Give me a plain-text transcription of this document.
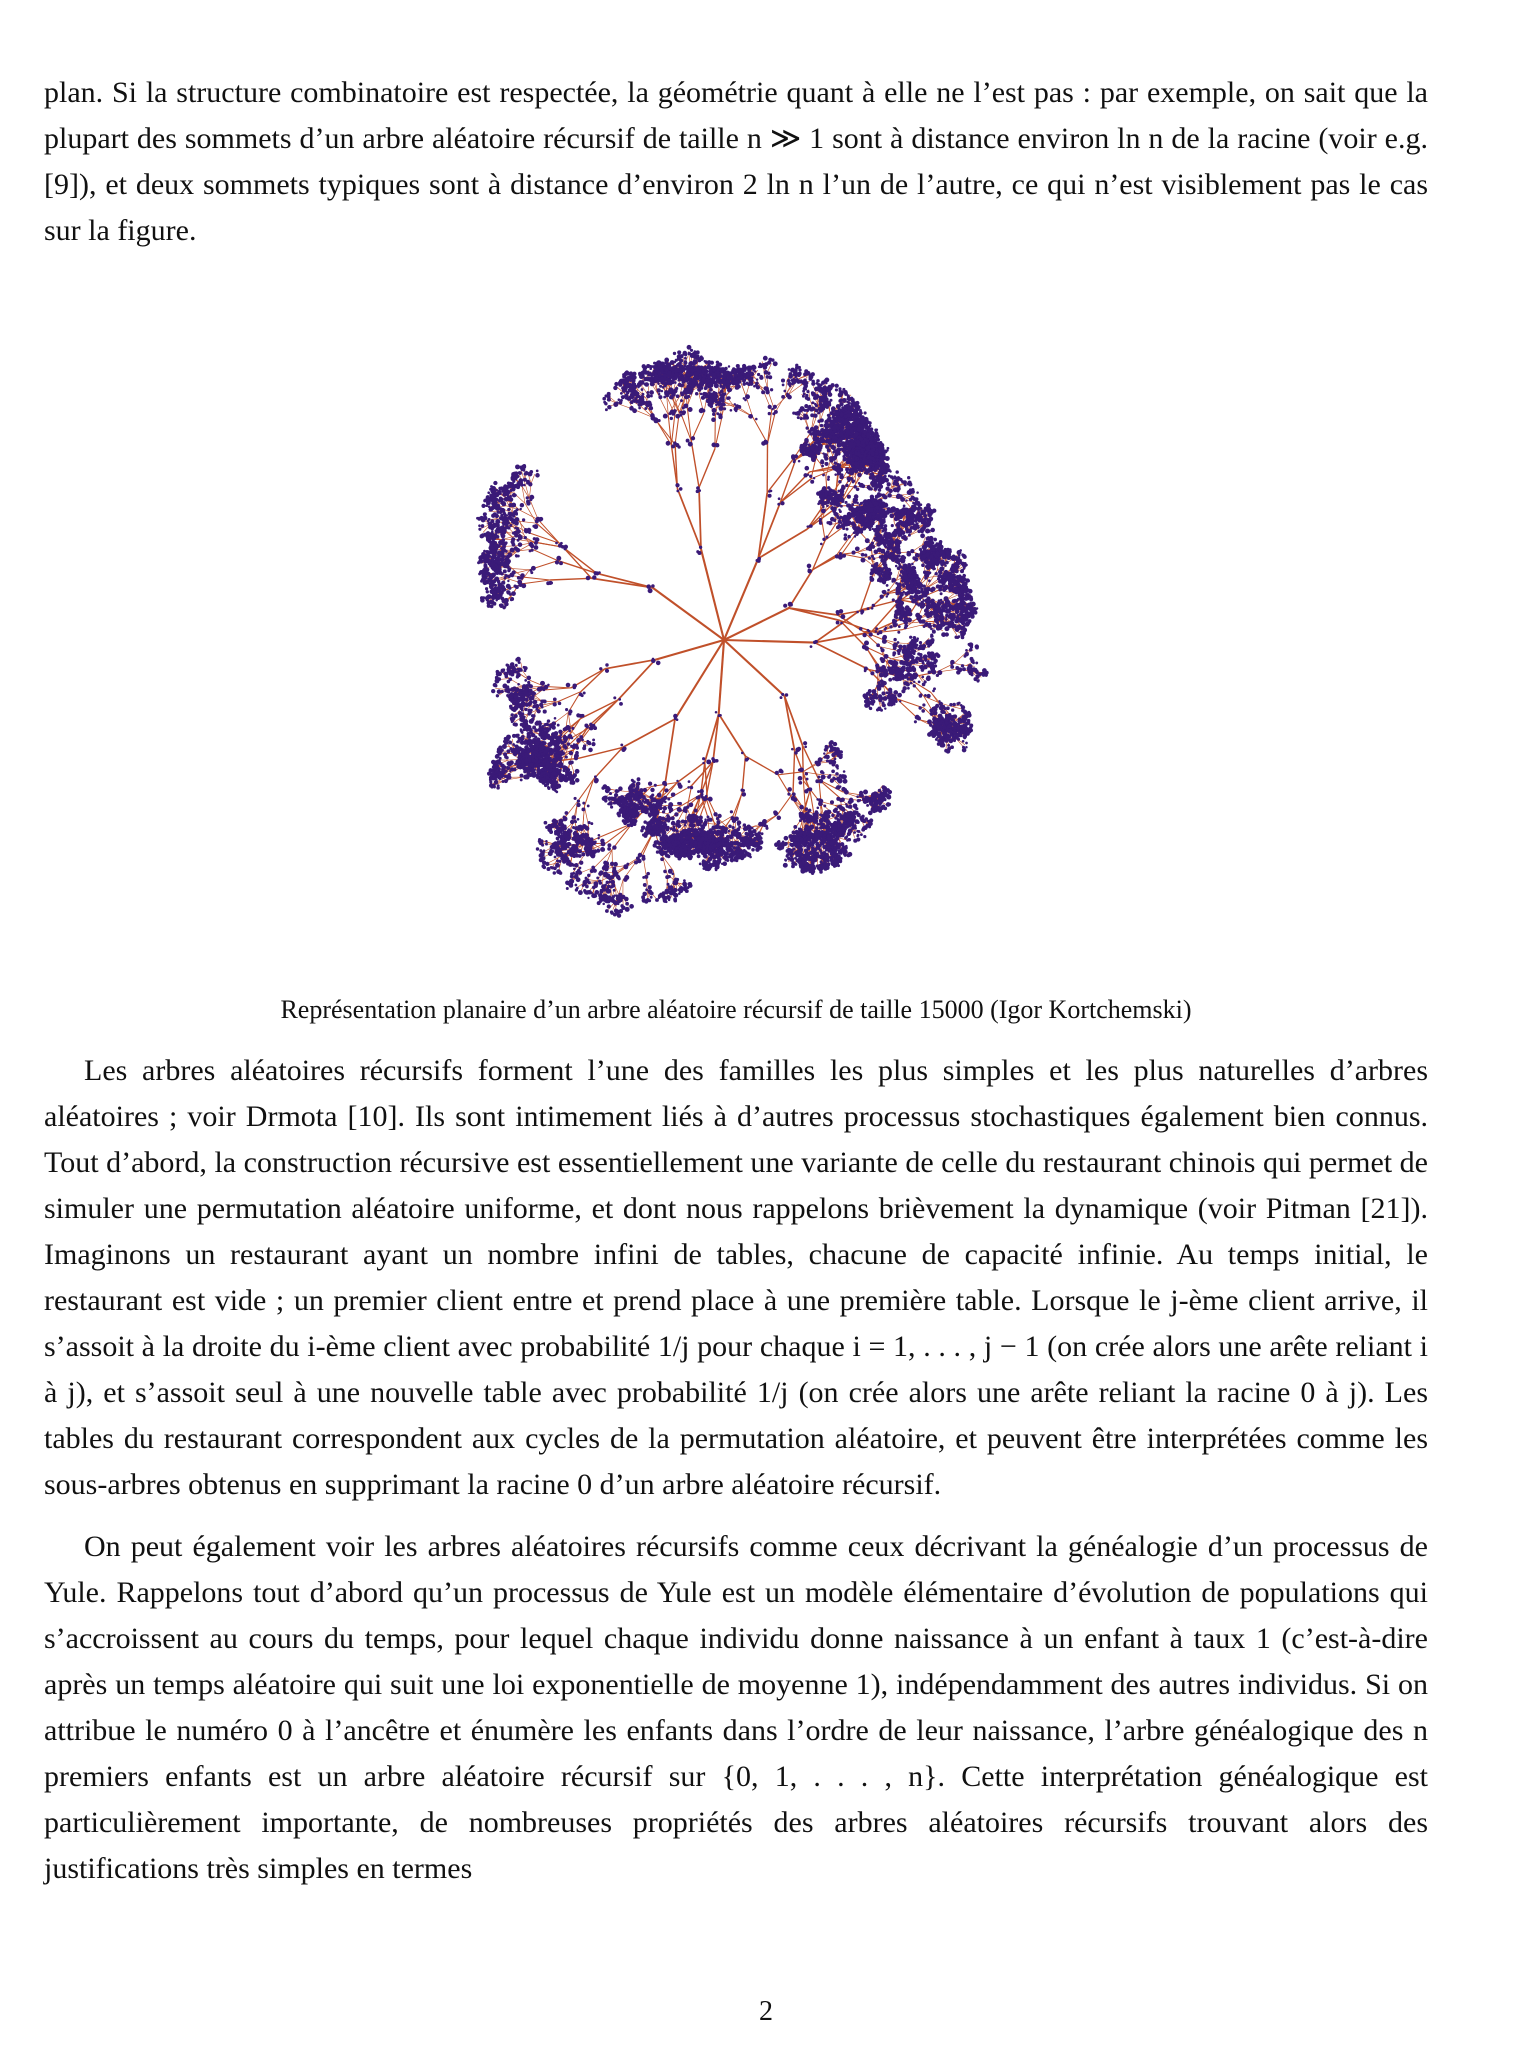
plan. Si la structure combinatoire est respectée, la géométrie quant à elle ne l’est pas : par exemple, on sait que la plupart des sommets d’un arbre aléatoire récursif de taille n ≫ 1 sont à distance environ ln n de la racine (voir e.g. [9]), et deux sommets typiques sont à distance d’environ 2 ln n l’un de l’autre, ce qui n’est visiblement pas le cas sur la figure.

Représentation planaire d’un arbre aléatoire récursif de taille 15000 (Igor Kortchemski)

Les arbres aléatoires récursifs forment l’une des familles les plus simples et les plus naturelles d’arbres aléatoires ; voir Drmota [10]. Ils sont intimement liés à d’autres processus stochastiques également bien connus. Tout d’abord, la construction récursive est essentiellement une variante de celle du restaurant chinois qui permet de simuler une permutation aléatoire uniforme, et dont nous rappelons brièvement la dynamique (voir Pitman [21]). Imaginons un restaurant ayant un nombre infini de tables, chacune de capacité infinie. Au temps initial, le restaurant est vide ; un premier client entre et prend place à une première table. Lorsque le j-ème client arrive, il s’assoit à la droite du i-ème client avec probabilité 1/j pour chaque i = 1, . . . , j − 1 (on crée alors une arête reliant i à j), et s’assoit seul à une nouvelle table avec probabilité 1/j (on crée alors une arête reliant la racine 0 à j). Les tables du restaurant correspondent aux cycles de la permutation aléatoire, et peuvent être interprétées comme les sous-arbres obtenus en supprimant la racine 0 d’un arbre aléatoire récursif.

On peut également voir les arbres aléatoires récursifs comme ceux décrivant la généalogie d’un processus de Yule. Rappelons tout d’abord qu’un processus de Yule est un modèle élémentaire d’évolution de populations qui s’accroissent au cours du temps, pour lequel chaque individu donne naissance à un enfant à taux 1 (c’est-à-dire après un temps aléatoire qui suit une loi exponentielle de moyenne 1), indépendamment des autres individus. Si on attribue le numéro 0 à l’ancêtre et énumère les enfants dans l’ordre de leur naissance, l’arbre généalogique des n premiers enfants est un arbre aléatoire récursif sur {0, 1, . . . , n}. Cette interprétation généalogique est particulièrement importante, de nombreuses propriétés des arbres aléatoires récursifs trouvant alors des justifications très simples en termes

2
